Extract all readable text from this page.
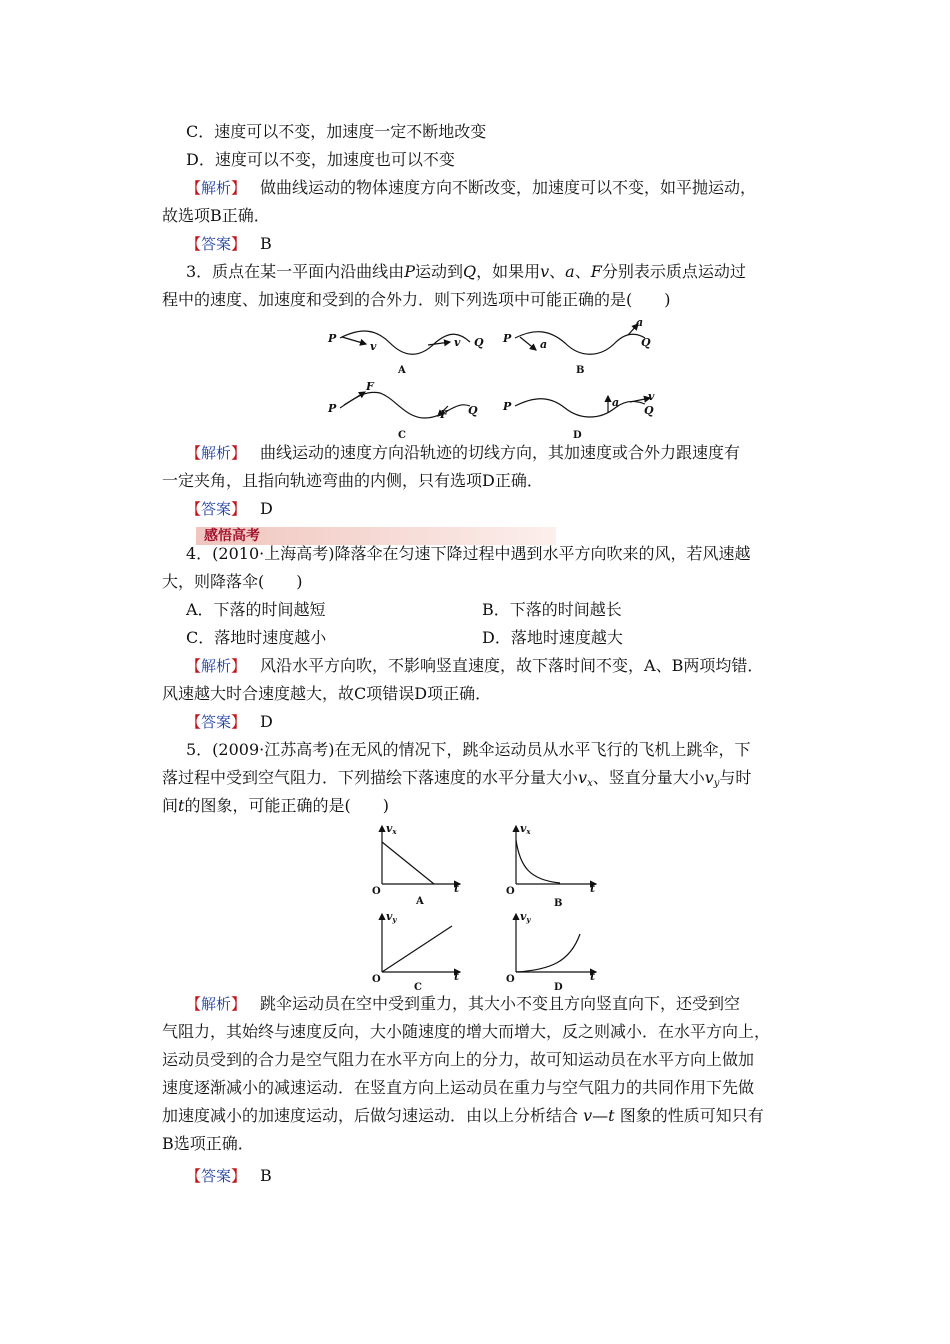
C．速度可以不变，加速度一定不断地改变
D．速度可以不变，加速度也可以不变
【解析】 做曲线运动的物体速度方向不断改变，加速度可以不变，如平抛运动，
故选项B正确．
【答案】 B
3．质点在某一平面内沿曲线由P运动到Q，如果用v、a、F分别表示质点运动过
程中的速度、加速度和受到的合外力．则下列选项中可能正确的是(　　)
P	Q
v	v	P	Q
a
a
P	Q
F
F
P	Q
a	v
A	B
C	D
【解析】 曲线运动的速度方向沿轨迹的切线方向，其加速度或合外力跟速度有
一定夹角，且指向轨迹弯曲的内侧，只有选项D正确．
【答案】 D
感悟高考
4．(2010·上海高考)降落伞在匀速下降过程中遇到水平方向吹来的风，若风速越
大，则降落伞(　　)
A．下落的时间越短	B．下落的时间越长
C．落地时速度越小	D．落地时速度越大
【解析】 风沿水平方向吹，不影响竖直速度，故下落时间不变，A、B两项均错．
风速越大时合速度越大，故C项错误D项正确．
【答案】 D
5．(2009·江苏高考)在无风的情况下，跳伞运动员从水平飞行的飞机上跳伞，下
落过程中受到空气阻力．下列描绘下落速度的水平分量大小$v_x$、竖直分量大小$v_y$与时
间t的图象，可能正确的是(　　)
vx	vx
vy	vy
t	t
t	t
O	O
O	O
A	B
C	D
【解析】 跳伞运动员在空中受到重力，其大小不变且方向竖直向下，还受到空
气阻力，其始终与速度反向，大小随速度的增大而增大，反之则减小．在水平方向上，
运动员受到的合力是空气阻力在水平方向上的分力，故可知运动员在水平方向上做加
速度逐渐减小的减速运动．在竖直方向上运动员在重力与空气阻力的共同作用下先做
加速度减小的加速度运动，后做匀速运动．由以上分析结合 v—t 图象的性质可知只有
B选项正确．
【答案】 B
